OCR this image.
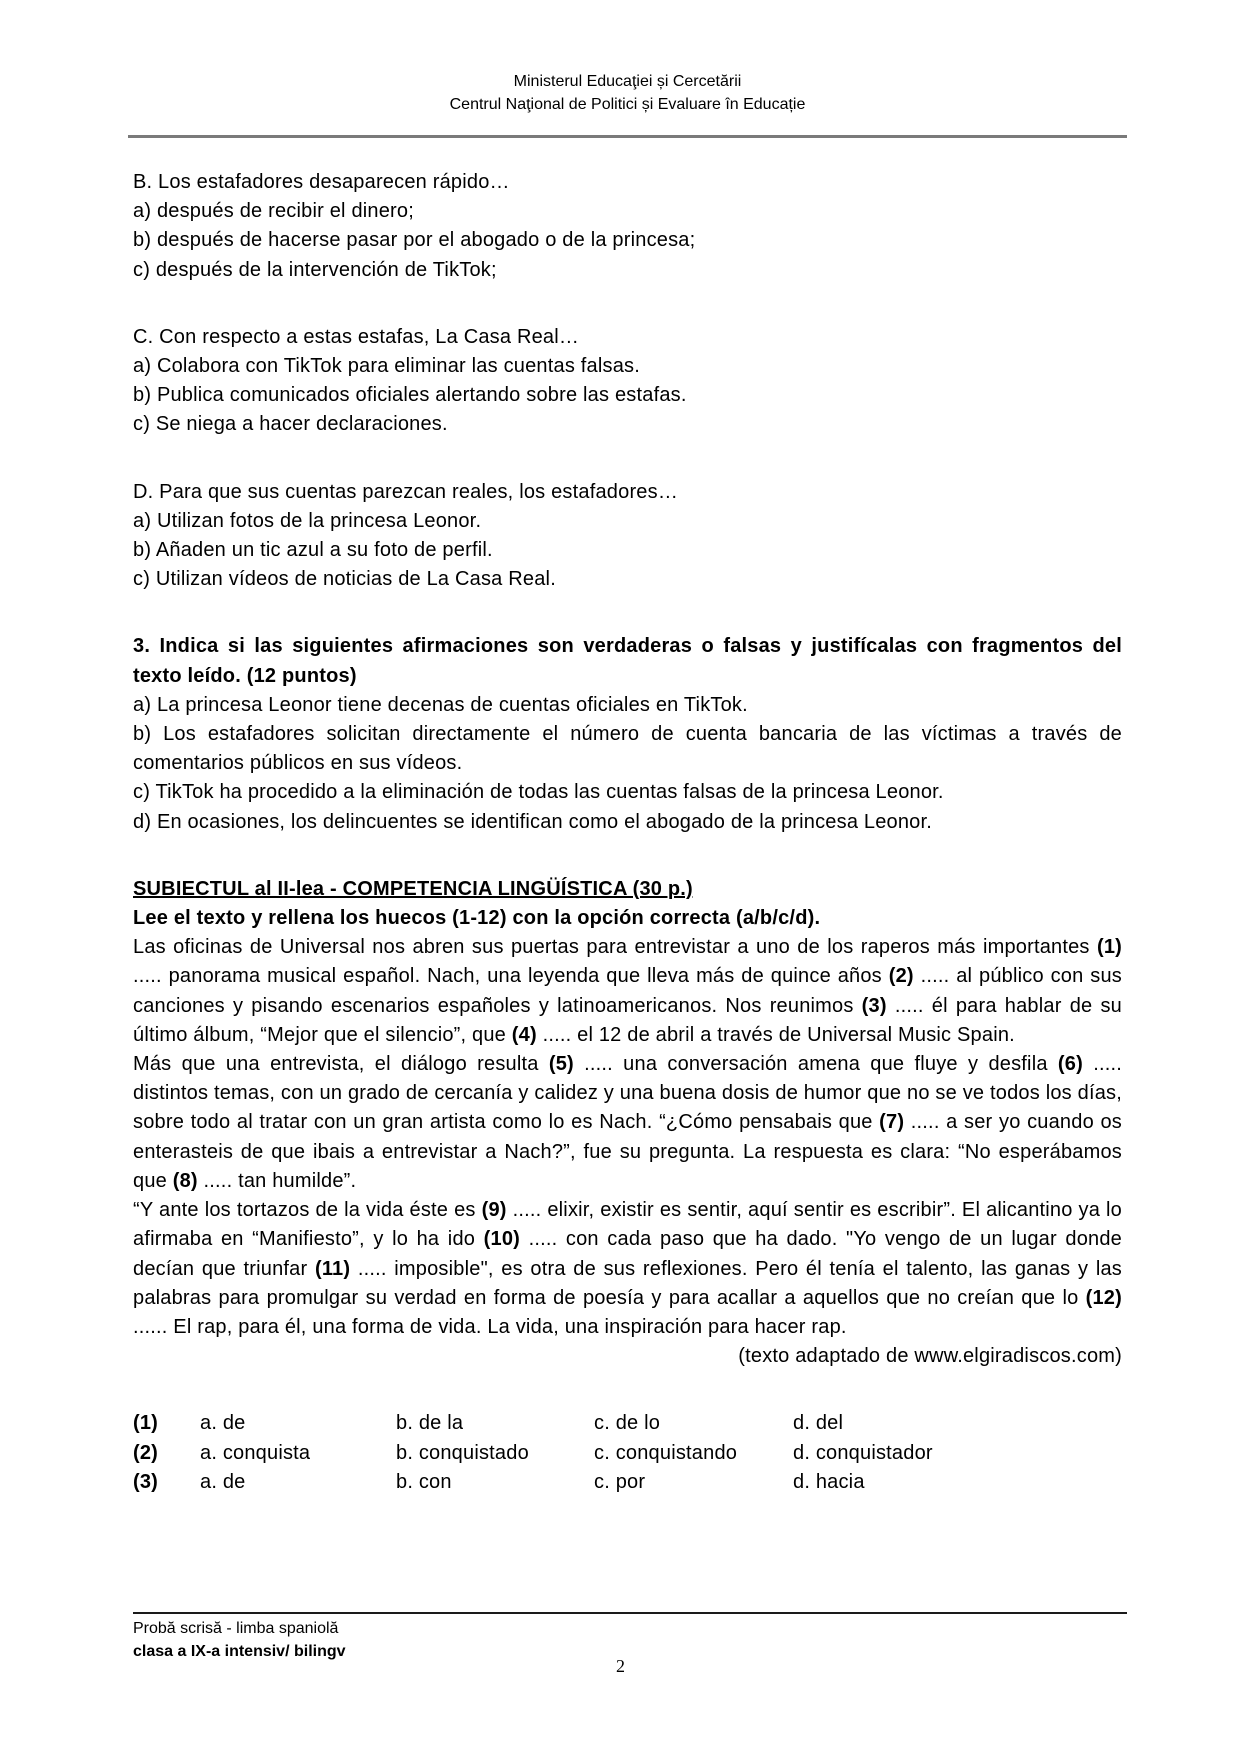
Ministerul Educaţiei și Cercetării
Centrul Naţional de Politici și Evaluare în Educație

B. Los estafadores desaparecen rápido…

a) después de recibir el dinero;

b) después de hacerse pasar por el abogado o de la princesa;

c) después de la intervención de TikTok;

C. Con respecto a estas estafas, La Casa Real…

a) Colabora con TikTok para eliminar las cuentas falsas.

b) Publica comunicados oficiales alertando sobre las estafas.

c) Se niega a hacer declaraciones.

D. Para que sus cuentas parezcan reales, los estafadores…

a) Utilizan fotos de la princesa Leonor.

b) Añaden un tic azul a su foto de perfil.

c) Utilizan vídeos de noticias de La Casa Real.

3. Indica si las siguientes afirmaciones son verdaderas o falsas y justifícalas con fragmentos del texto leído. (12 puntos)

a) La princesa Leonor tiene decenas de cuentas oficiales en TikTok.

b) Los estafadores solicitan directamente el número de cuenta bancaria de las víctimas a través de comentarios públicos en sus vídeos.

c) TikTok ha procedido a la eliminación de todas las cuentas falsas de la princesa Leonor.

d) En ocasiones, los delincuentes se identifican como el abogado de la princesa Leonor.

SUBIECTUL al II-lea - COMPETENCIA LINGÜÍSTICA (30 p.)

Lee el texto y rellena los huecos (1-12) con la opción correcta (a/b/c/d).

Las oficinas de Universal nos abren sus puertas para entrevistar a uno de los raperos más importantes (1) ..... panorama musical español. Nach, una leyenda que lleva más de quince años (2) ..... al público con sus canciones y pisando escenarios españoles y latinoamericanos. Nos reunimos (3) ..... él para hablar de su último álbum, “Mejor que el silencio”, que (4) ..... el 12 de abril a través de Universal Music Spain.

Más que una entrevista, el diálogo resulta (5) ..... una conversación amena que fluye y desfila (6) ..... distintos temas, con un grado de cercanía y calidez y una buena dosis de humor que no se ve todos los días, sobre todo al tratar con un gran artista como lo es Nach. “¿Cómo pensabais que (7) ..... a ser yo cuando os enterasteis de que ibais a entrevistar a Nach?”, fue su pregunta. La respuesta es clara: “No esperábamos que (8) ..... tan humilde”.

“Y ante los tortazos de la vida éste es (9) ..... elixir, existir es sentir, aquí sentir es escribir”. El alicantino ya lo afirmaba en “Manifiesto”, y lo ha ido (10) ..... con cada paso que ha dado. "Yo vengo de un lugar donde decían que triunfar (11) ..... imposible", es otra de sus reflexiones. Pero él tenía el talento, las ganas y las palabras para promulgar su verdad en forma de poesía y para acallar a aquellos que no creían que lo (12) ...... El rap, para él, una forma de vida. La vida, una inspiración para hacer rap.

(texto adaptado de www.elgiradiscos.com)

(1)	a. de	b. de la	c. de lo	d. del
(2)	a. conquista	b. conquistado	c. conquistando	d. conquistador
(3)	a. de	b. con	c. por	d. hacia
Probă scrisă - limba spaniolă
clasa a IX-a intensiv/ bilingv
2
